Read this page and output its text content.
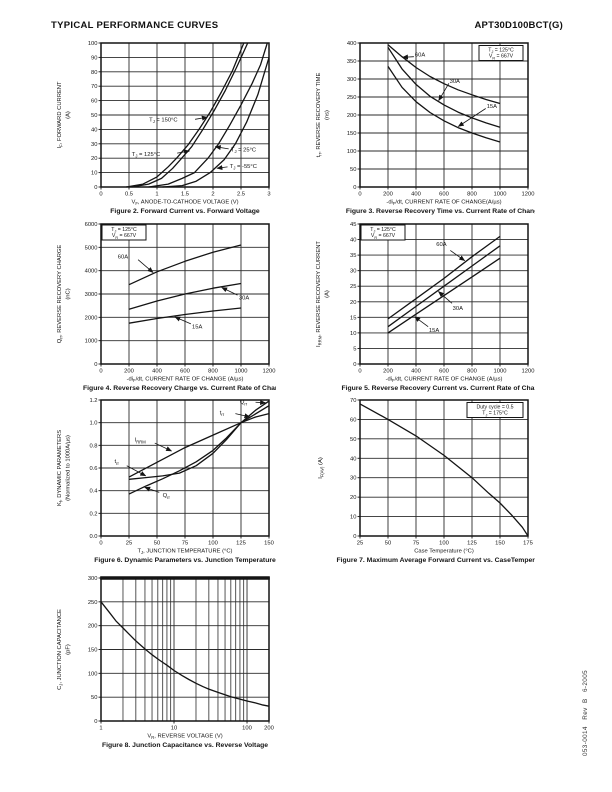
TYPICAL PERFORMANCE CURVES	APT30D100BCT(G)
0	0.5	1	1.5	2	2.5	3
0
10
20
30
40
50
60
70
80
90
100
$V_F$, ANODE-TO-CATHODE VOLTAGE (V)
$I_F$, FORWARD CURRENT (A)
$T_J = 150^\circ C$
$T_J = 125^\circ C$
$T_J = 25^\circ C$
$T_J = -55^\circ C$
Figure 2. Forward Current vs. Forward Voltage
0	200	400	600	800	1000	1200
0
50
100
150
200
250
300
350
400
$-di_F/dt$, CURRENT RATE OF CHANGE(A/µs)
$t_{rr}$, REVERSE RECOVERY TIME (ns)
60A
30A
15A
$T_J = 125^\circ C$
$V_R = 667V$
Figure 3. Reverse Recovery Time vs. Current Rate of Change
0	200	400	600	800	1000	1200
0
1000
2000
3000
4000
5000
6000
$-di_F/dt$, CURRENT RATE OF CHANGE (A/µs)
$Q_{rr}$, REVERSE RECOVERY CHARGE (nC)
60A
30A
15A
$T_J = 125^\circ C$
$V_R = 667V$
Figure 4. Reverse Recovery Charge vs. Current Rate of Change
0	200	400	600	800	1000	1200
0
5
10
15
20
25
30
35
40
45
$-di_F/dt$, CURRENT RATE OF CHANGE (A/µs)
$I_{RRM}$, REVERSE RECOVERY CURRENT (A)
60A
30A
15A
$T_J = 125^\circ C$
$V_R = 667V$
Figure 5. Reverse Recovery Current vs. Current Rate of Change
0	25	50	75	100	125	150
0.0
0.2
0.4
0.6
0.8
1.0
1.2
$T_J$, JUNCTION TEMPERATURE (°C)
$K_f$, DYNAMIC PARAMETERS (Normalized to 1000A/µs)	$I_{RRM}$
$t_{rr}$
$Q_{rr}$
$Q_{rr}$
$t_{rr}$
Figure 6. Dynamic Parameters vs. Junction Temperature
25	50	75	100	125	150	175
0
10
20
30
40
50
60
70
Case Temperature (°C)
$I_{F(AV)}$ (A)
Duty cycle = 0.5
$T_J = 175^\circ C$
Figure 7. Maximum Average Forward Current vs. CaseTemperature
1	10	100 200
0
50
100
150
200
250
300
$V_R$, REVERSE VOLTAGE (V)
$C_J$, JUNCTION CAPACITANCE (pF)
Figure 8. Junction Capacitance vs. Reverse Voltage	053-0014   Rev  B   6-2005
